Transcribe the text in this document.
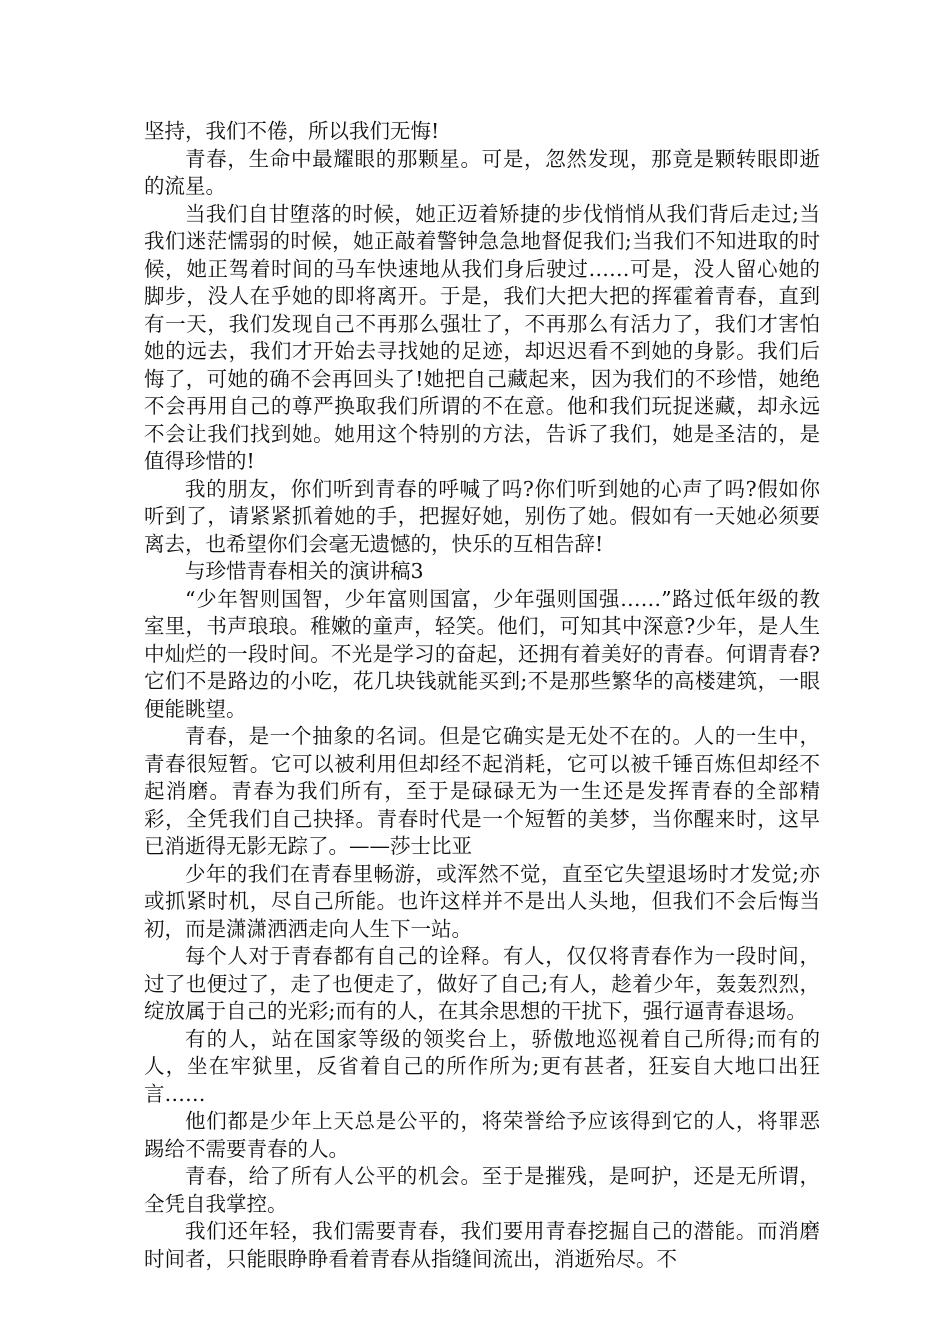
坚持，我们不倦，所以我们无悔!

青春，生命中最耀眼的那颗星。可是，忽然发现，那竟是颗转眼即逝的流星。

当我们自甘堕落的时候，她正迈着矫捷的步伐悄悄从我们背后走过;当我们迷茫懦弱的时候，她正敲着警钟急急地督促我们;当我们不知进取的时候，她正驾着时间的马车快速地从我们身后驶过……可是，没人留心她的脚步，没人在乎她的即将离开。于是，我们大把大把的挥霍着青春，直到有一天，我们发现自己不再那么强壮了，不再那么有活力了，我们才害怕她的远去，我们才开始去寻找她的足迹，却迟迟看不到她的身影。我们后悔了，可她的确不会再回头了!她把自己藏起来，因为我们的不珍惜，她绝不会再用自己的尊严换取我们所谓的不在意。他和我们玩捉迷藏，却永远不会让我们找到她。她用这个特别的方法，告诉了我们，她是圣洁的，是值得珍惜的!

我的朋友，你们听到青春的呼喊了吗?你们听到她的心声了吗?假如你听到了，请紧紧抓着她的手，把握好她，别伤了她。假如有一天她必须要离去，也希望你们会毫无遗憾的，快乐的互相告辞!

与珍惜青春相关的演讲稿3

“少年智则国智，少年富则国富，少年强则国强……”路过低年级的教室里，书声琅琅。稚嫩的童声，轻笑。他们，可知其中深意?少年，是人生中灿烂的一段时间。不光是学习的奋起，还拥有着美好的青春。何谓青春?它们不是路边的小吃，花几块钱就能买到;不是那些繁华的高楼建筑，一眼便能眺望。

青春，是一个抽象的名词。但是它确实是无处不在的。人的一生中，青春很短暂。它可以被利用但却经不起消耗，它可以被千锤百炼但却经不起消磨。青春为我们所有，至于是碌碌无为一生还是发挥青春的全部精彩，全凭我们自己抉择。青春时代是一个短暂的美梦，当你醒来时，这早已消逝得无影无踪了。——莎士比亚

少年的我们在青春里畅游，或浑然不觉，直至它失望退场时才发觉;亦或抓紧时机，尽自己所能。也许这样并不是出人头地，但我们不会后悔当初，而是潇潇洒洒走向人生下一站。

每个人对于青春都有自己的诠释。有人，仅仅将青春作为一段时间，过了也便过了，走了也便走了，做好了自己;有人，趁着少年，轰轰烈烈，绽放属于自己的光彩;而有的人，在其余思想的干扰下，强行逼青春退场。

有的人，站在国家等级的领奖台上，骄傲地巡视着自己所得;而有的人，坐在牢狱里，反省着自己的所作所为;更有甚者，狂妄自大地口出狂言……

他们都是少年上天总是公平的，将荣誉给予应该得到它的人，将罪恶踢给不需要青春的人。

青春，给了所有人公平的机会。至于是摧残，是呵护，还是无所谓，全凭自我掌控。

我们还年轻，我们需要青春，我们要用青春挖掘自己的潜能。而消磨时间者，只能眼睁睁看着青春从指缝间流出，消逝殆尽。不
